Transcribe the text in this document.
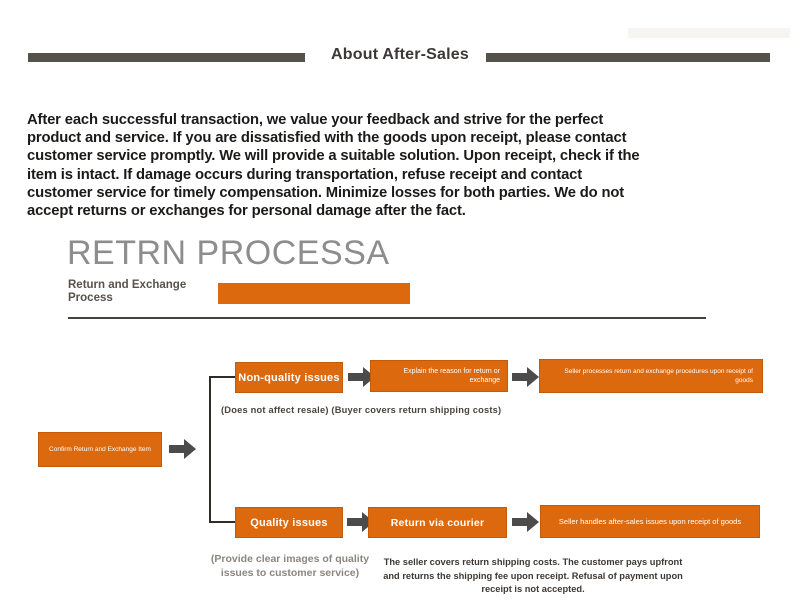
About After-Sales
After each successful transaction, we value your feedback and strive for the perfect
product and service. If you are dissatisfied with the goods upon receipt, please contact
customer service promptly. We will provide a suitable solution. Upon receipt, check if the
item is intact. If damage occurs during transportation, refuse receipt and contact
customer service for timely compensation. Minimize losses for both parties. We do not
accept returns or exchanges for personal damage after the fact.
RETRN PROCESSA
Return and Exchange Process
Confirm Return and Exchange Item
Non-quality issues	Explain the reason for return or exchange
Seller processes return and exchange procedures upon receipt of goods
(Does not affect resale) (Buyer covers return shipping costs)
Quality issues	Return via courier	Seller handles after-sales issues upon receipt of goods
(Provide clear images of quality issues to customer service)
The seller covers return shipping costs. The customer pays upfront and returns the shipping fee upon receipt. Refusal of payment upon receipt is not accepted.
